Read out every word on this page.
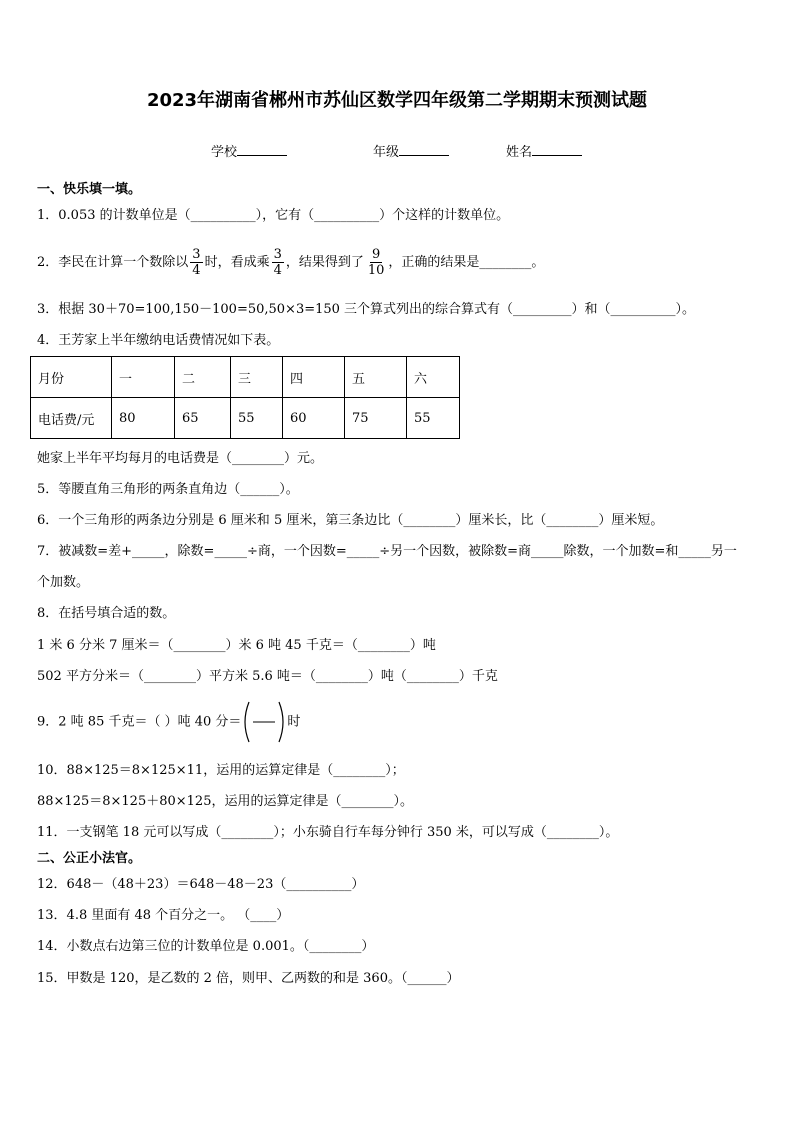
2023年湖南省郴州市苏仙区数学四年级第二学期期末预测试题
学校	年级	姓名
一、快乐填一填。
1．0.053 的计数单位是（__________），它有（__________）个这样的计数单位。
2．李民在计算一个数除以 $\frac{3}{4}$ 时，看成乘 $\frac{3}{4}$ ，结果得到了 $\frac{9}{10}$ ，正确的结果是________。
3．根据 30＋70=100,150－100=50,50×3=150 三个算式列出的综合算式有（_________）和（__________）。
4．王芳家上半年缴纳电话费情况如下表。
月份	一	二	三	四	五	六
电话费/元	80	65	55	60	75	55
她家上半年平均每月的电话费是（________）元。
5．等腰直角三角形的两条直角边（______）。
6．一个三角形的两条边分别是 6 厘米和 5 厘米，第三条边比（________）厘米长，比（________）厘米短。
7．被减数=差+_____，除数=_____÷商，一个因数=_____÷另一个因数，被除数=商_____除数，一个加数=和_____另一
个加数。
8．在括号填合适的数。
1 米 6 分米 7 厘米＝（________）米 6 吨 45 千克＝（________）吨
502 平方分米＝（________）平方米 5.6 吨＝（________）吨（________）千克
9．2 吨 85 千克＝（ ）吨 40 分＝	时
10．88×125＝8×125×11，运用的运算定律是（________）；
88×125＝8×125＋80×125，运用的运算定律是（________）。
11．一支钢笔 18 元可以写成（________）；小东骑自行车每分钟行 350 米，可以写成（________）。
二、公正小法官。
12．648－（48＋23）＝648－48－23（__________）
13．4.8 里面有 48 个百分之一。 （____）
14．小数点右边第三位的计数单位是 0.001。（________）
15．甲数是 120，是乙数的 2 倍，则甲、乙两数的和是 360。（______）
